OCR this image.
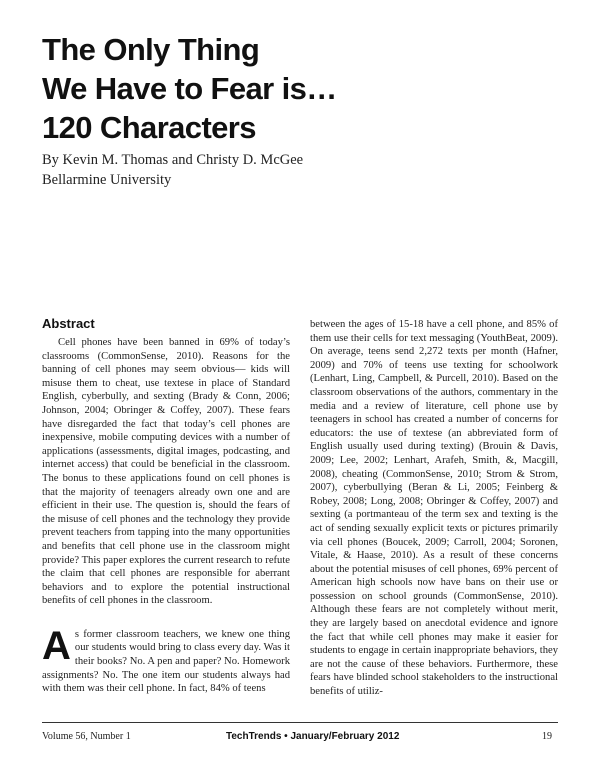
The Only Thing
We Have to Fear is…
120 Characters
By Kevin M. Thomas and Christy D. McGee
Bellarmine University
Abstract

Cell phones have been banned in 69% of today’s classrooms (CommonSense, 2010). Reasons for the banning of cell phones may seem obvious— kids will misuse them to cheat, use textese in place of Standard English, cyberbully, and sexting (Brady & Conn, 2006; Johnson, 2004; Obringer & Coffey, 2007). These fears have disregarded the fact that today’s cell phones are inexpensive, mobile computing devices with a number of applications (assessments, digital images, podcasting, and internet access) that could be beneficial in the classroom. The bonus to these applications found on cell phones is that the majority of teenagers already own one and are efficient in their use. The question is, should the fears of the misuse of cell phones and the technology they provide prevent teachers from tapping into the many opportunities and benefits that cell phone use in the classroom might provide? This paper explores the current research to refute the claim that cell phones are responsible for aberrant behaviors and to explore the potential instructional benefits of cell phones in the classroom.

As former classroom teachers, we knew one thing our students would bring to class every day. Was it their books? No. A pen and paper? No. Homework assignments? No. The one item our students always had with them was their cell phone. In fact, 84% of teens

between the ages of 15-18 have a cell phone, and 85% of them use their cells for text messaging (YouthBeat, 2009). On average, teens send 2,272 texts per month (Hafner, 2009) and 70% of teens use texting for schoolwork (Lenhart, Ling, Campbell, & Purcell, 2010). Based on the classroom observations of the authors, commentary in the media and a review of literature, cell phone use by teenagers in school has created a number of concerns for educators: the use of textese (an abbreviated form of English usually used during texting) (Brouin & Davis, 2009; Lee, 2002; Lenhart, Arafeh, Smith, &, Macgill, 2008), cheating (CommonSense, 2010; Strom & Strom, 2007), cyberbullying (Beran & Li, 2005; Feinberg & Robey, 2008; Long, 2008; Obringer & Coffey, 2007) and sexting (a portmanteau of the term sex and texting is the act of sending sexually explicit texts or pictures primarily via cell phones (Boucek, 2009; Carroll, 2004; Soronen, Vitale, & Haase, 2010). As a result of these concerns about the potential misuses of cell phones, 69% percent of American high schools now have bans on their use or possession on school grounds (CommonSense, 2010). Although these fears are not completely without merit, they are largely based on anecdotal evidence and ignore the fact that while cell phones may make it easier for students to engage in certain inappropriate behaviors, they are not the cause of these behaviors. Furthermore, these fears have blinded school stakeholders to the instructional benefits of utiliz-

Volume 56, Number 1	TechTrends • January/February 2012	19
